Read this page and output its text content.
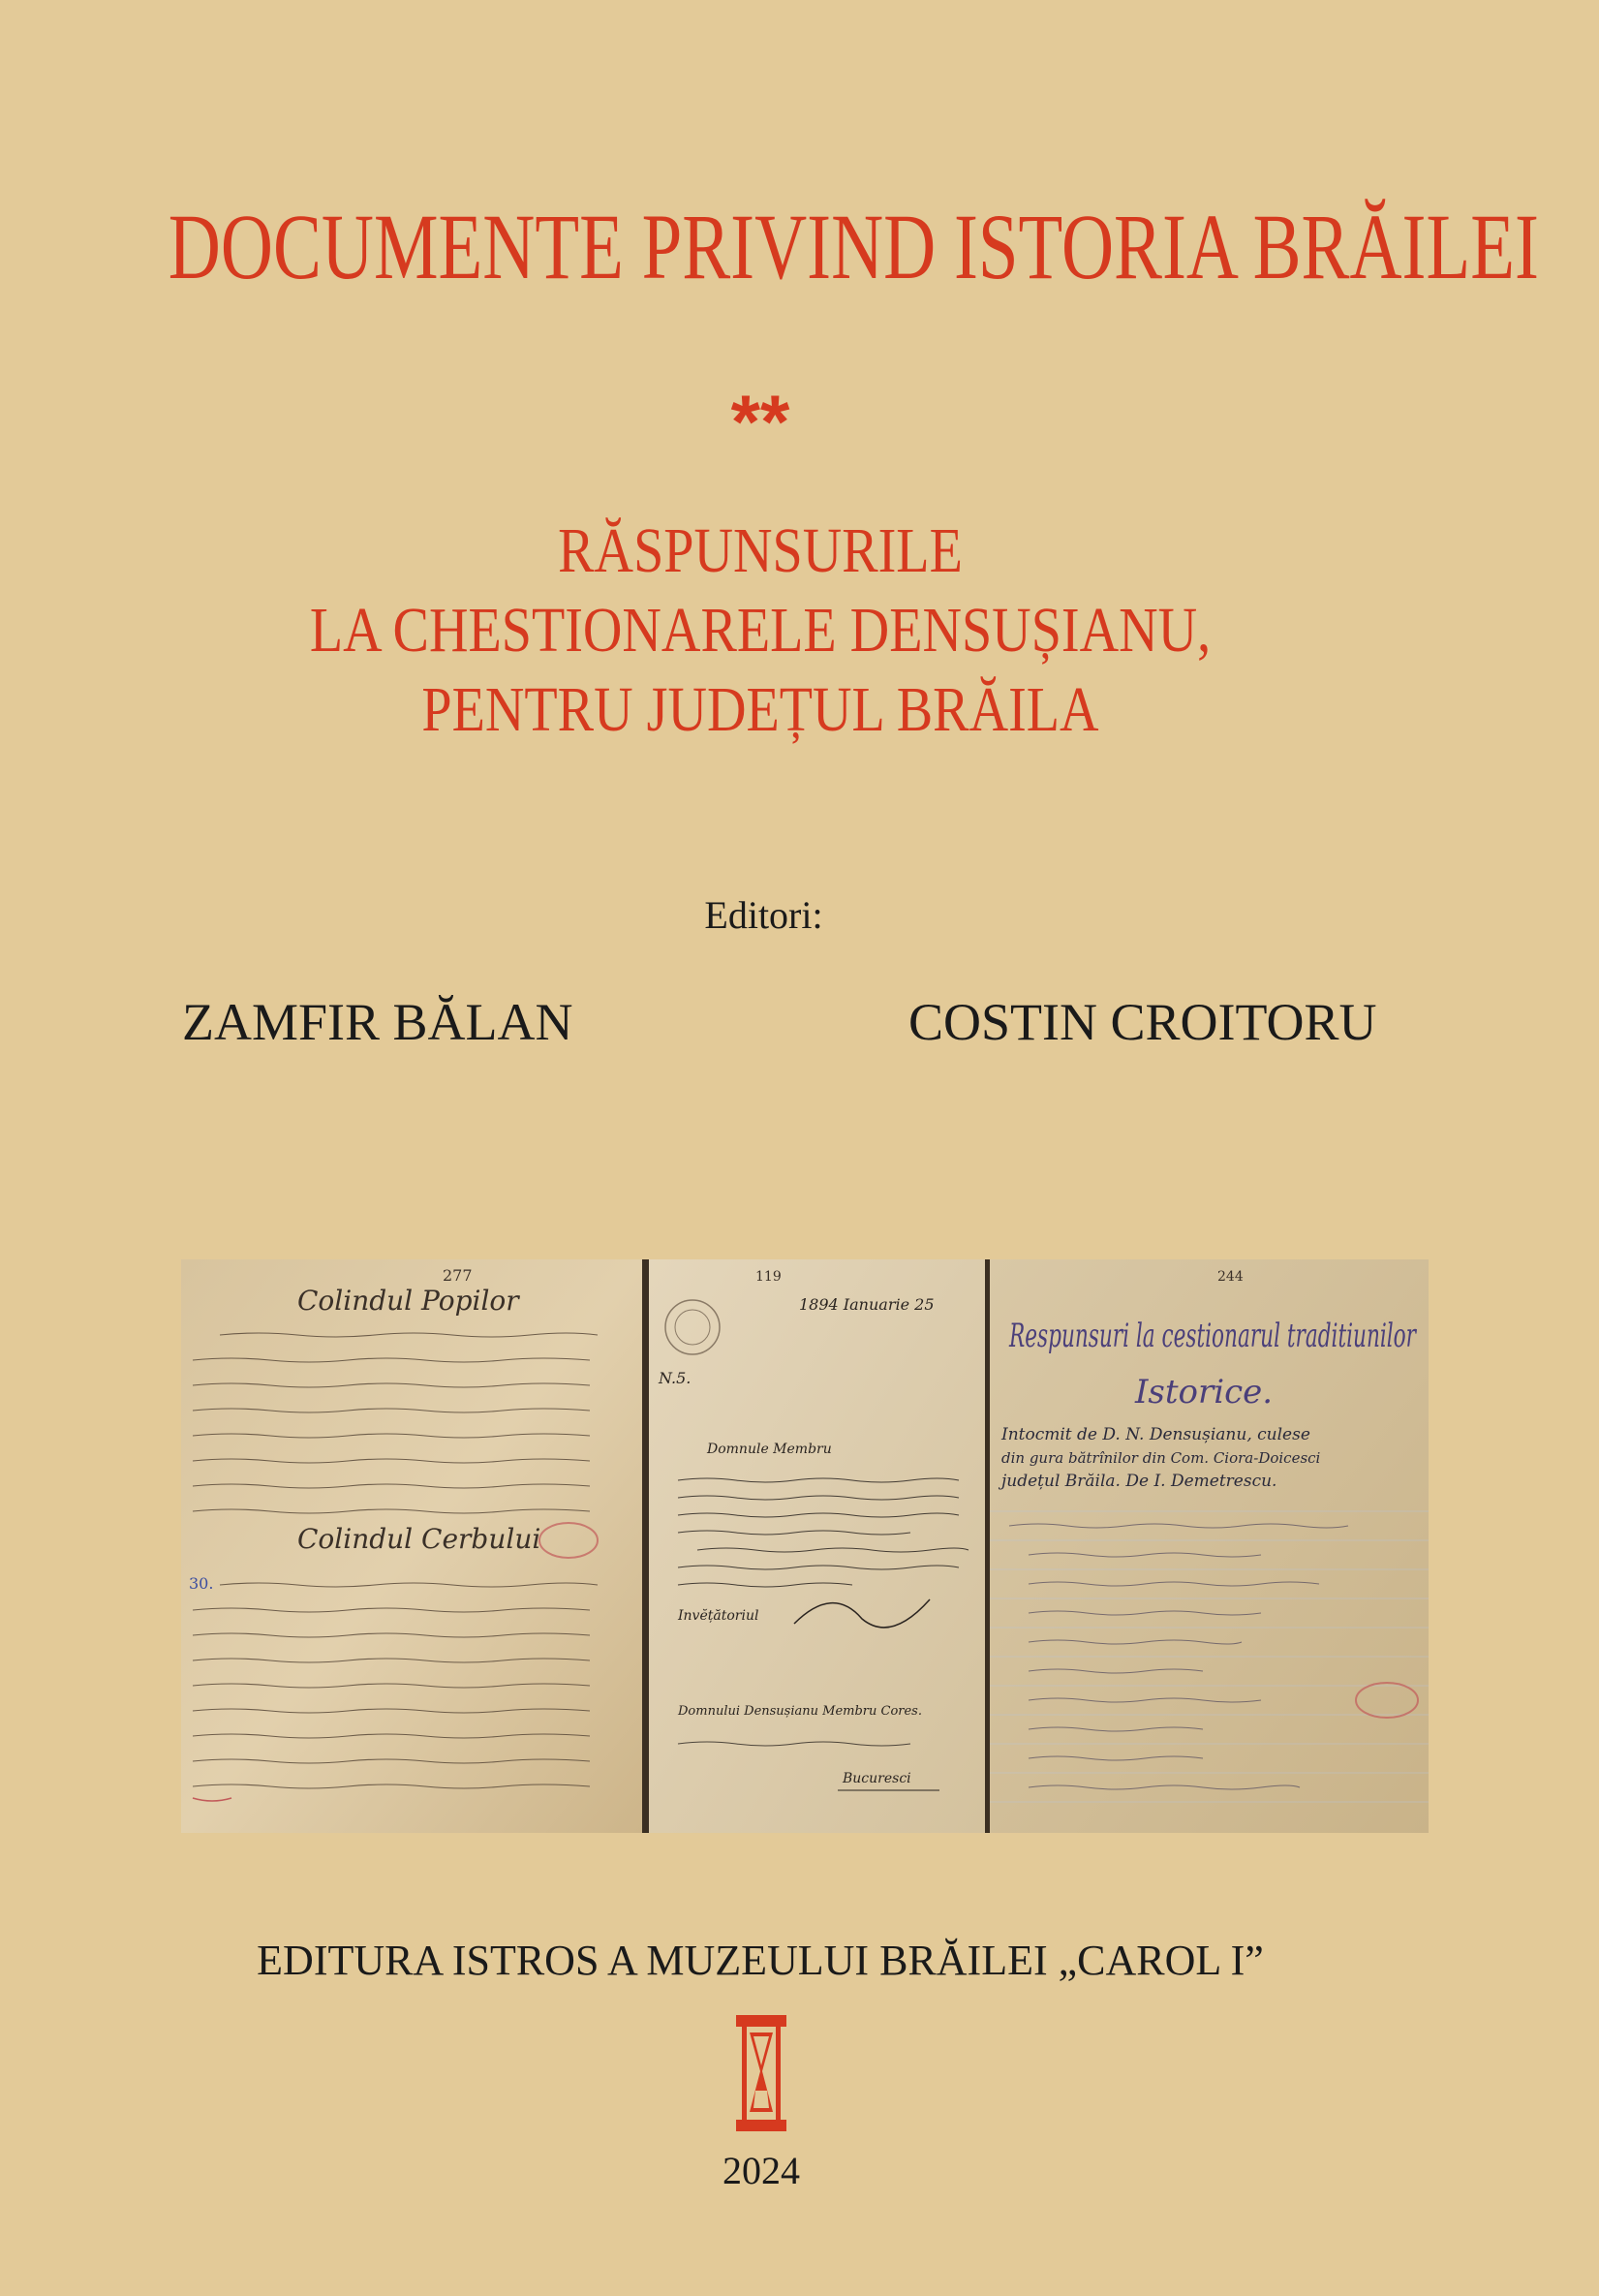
DOCUMENTE PRIVIND ISTORIA BRĂILEI
**
RĂSPUNSURILE
LA CHESTIONARELE DENSUȘIANU,
PENTRU JUDEȚUL BRĂILA
Editori:
ZAMFIR BĂLAN	COSTIN CROITORU
277
Colindul Popilor
Colindul Cerbului
30.
119
1894 Ianuarie 25
N.5.
Domnule Membru
Invĕțătoriul
Domnului Densușianu Membru Cores.
Bucuresci
244
Respunsuri la cestionarul traditiunilor
Istorice.
Intocmit de D. N. Densușianu, culese
din gura bătrînilor din Com. Ciora-Doicesci
județul Brăila. De I. Demetrescu.
EDITURA ISTROS A MUZEULUI BRĂILEI „CAROL I”
2024
